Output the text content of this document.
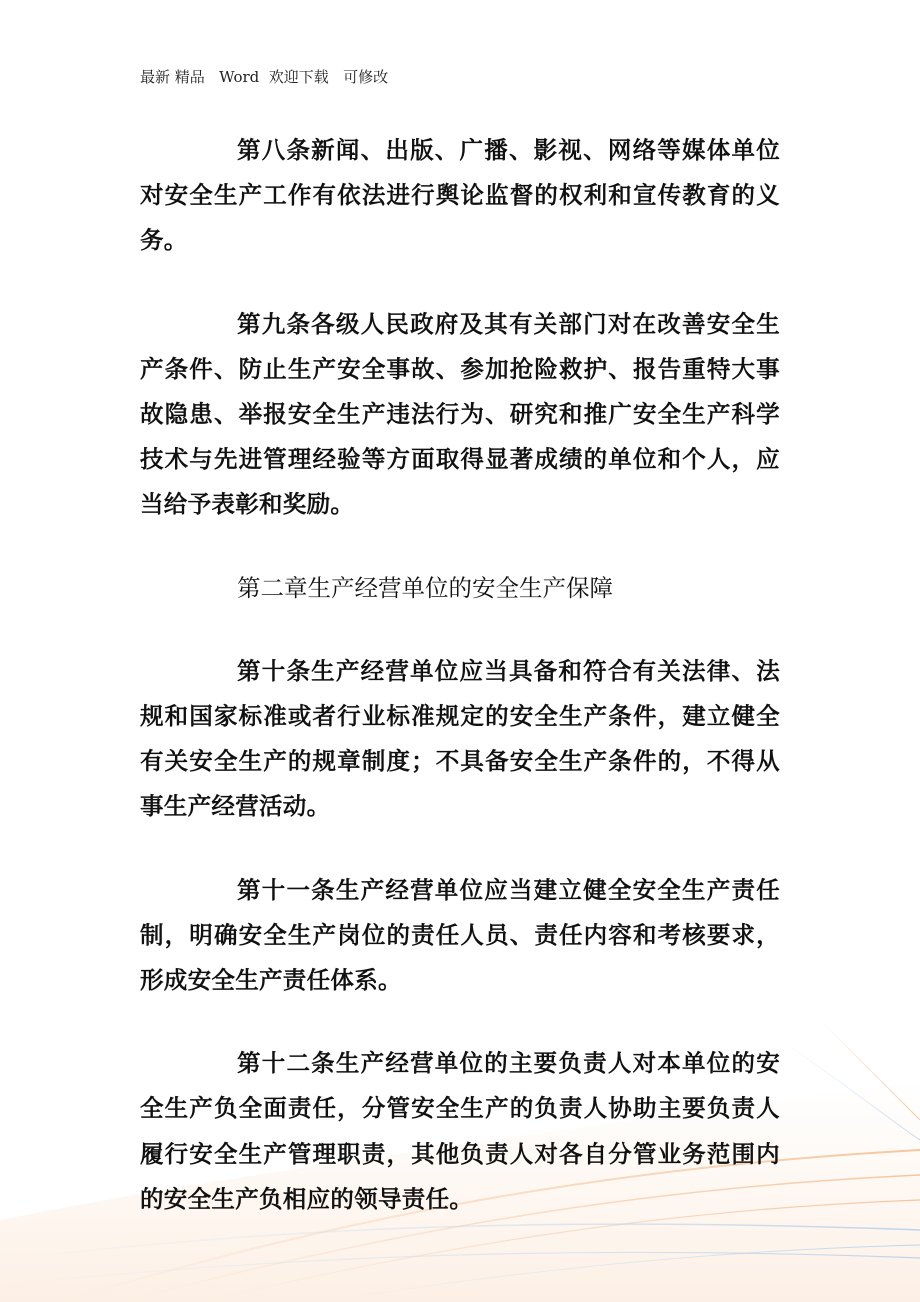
最新 精品   Word  欢迎下载   可修改

第八条新闻、出版、广播、影视、网络等媒体单位对安全生产工作有依法进行舆论监督的权利和宣传教育的义务。

第九条各级人民政府及其有关部门对在改善安全生产条件、防止生产安全事故、参加抢险救护、报告重特大事故隐患、举报安全生产违法行为、研究和推广安全生产科学技术与先进管理经验等方面取得显著成绩的单位和个人，应当给予表彰和奖励。

第二章生产经营单位的安全生产保障

第十条生产经营单位应当具备和符合有关法律、法规和国家标准或者行业标准规定的安全生产条件，建立健全有关安全生产的规章制度；不具备安全生产条件的，不得从事生产经营活动。

第十一条生产经营单位应当建立健全安全生产责任制，明确安全生产岗位的责任人员、责任内容和考核要求，形成安全生产责任体系。

第十二条生产经营单位的主要负责人对本单位的安全生产负全面责任，分管安全生产的负责人协助主要负责人履行安全生产管理职责，其他负责人对各自分管业务范围内的安全生产负相应的领导责任。
